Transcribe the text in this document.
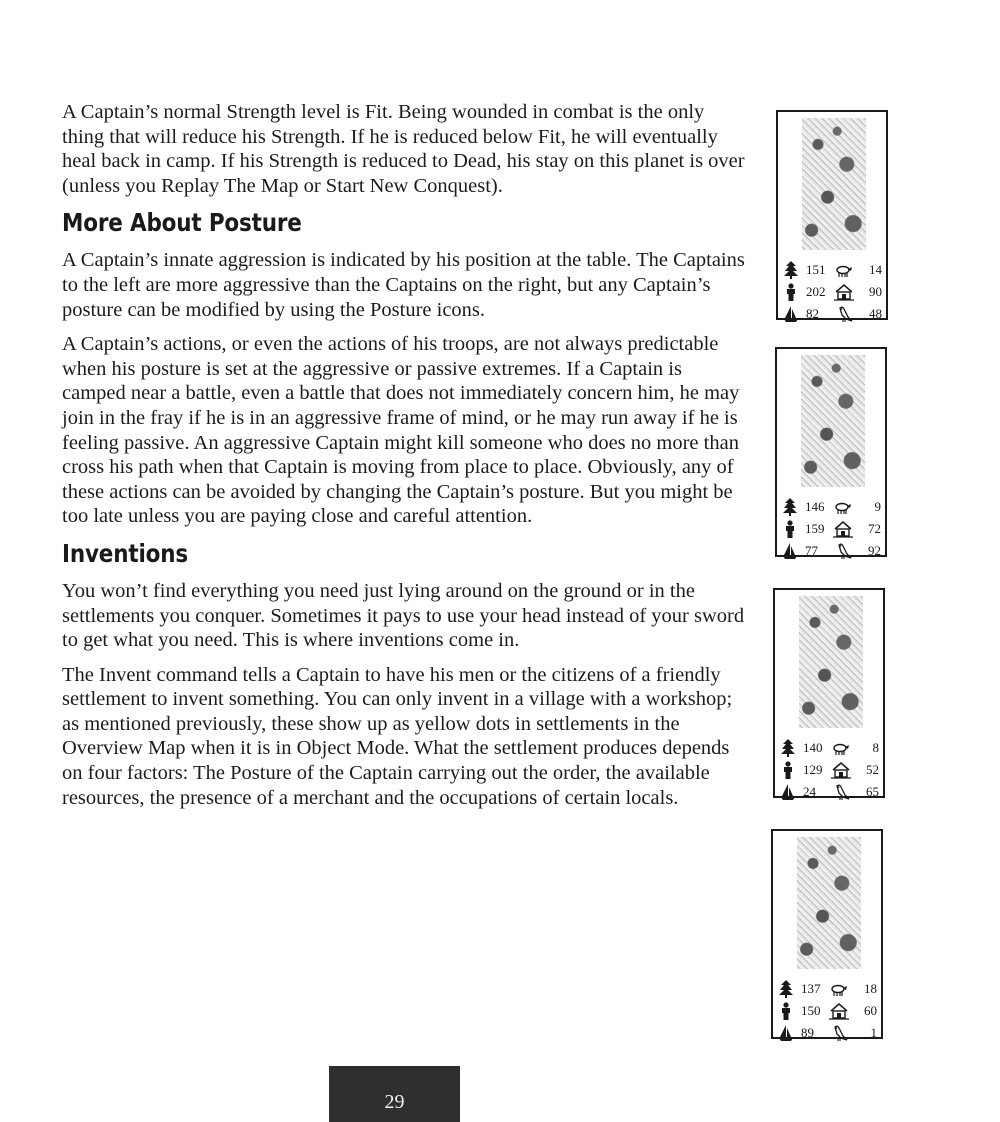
A Captain’s normal Strength level is Fit. Being wounded in combat is the only thing that will reduce his Strength. If he is reduced below Fit, he will eventually heal back in camp. If his Strength is reduced to Dead, his stay on this planet is over (unless you Replay The Map or Start New Conquest).

More About Posture

A Captain’s innate aggression is indicated by his position at the table. The Captains to the left are more aggressive than the Captains on the right, but any Captain’s posture can be modified by using the Posture icons.

A Captain’s actions, or even the actions of his troops, are not always predictable when his posture is set at the aggressive or passive extremes. If a Captain is camped near a battle, even a battle that does not immediately concern him, he may join in the fray if he is in an aggressive frame of mind, or he may run away if he is feeling passive. An aggressive Captain might kill someone who does no more than cross his path when that Captain is moving from place to place. Obviously, any of these actions can be avoided by changing the Captain’s posture. But you might be too late unless you are paying close and careful attention.

Inventions

You won’t find everything you need just lying around on the ground or in the settlements you conquer. Sometimes it pays to use your head instead of your sword to get what you need. This is where inventions come in.

The Invent command tells a Captain to have his men or the citizens of a friendly settlement to invent something. You can only invent in a village with a workshop; as mentioned previously, these show up as yellow dots in settlements in the Overview Map when it is in Object Mode. What the settlement produces depends on four factors: The Posture of the Captain carrying out the order, the available resources, the presence of a merchant and the occupations of certain locals.

151	14
202	90
82	48
146	9
159	72
77	92
140	8
129	52
24	65
137	18
150	60
89	1
29
